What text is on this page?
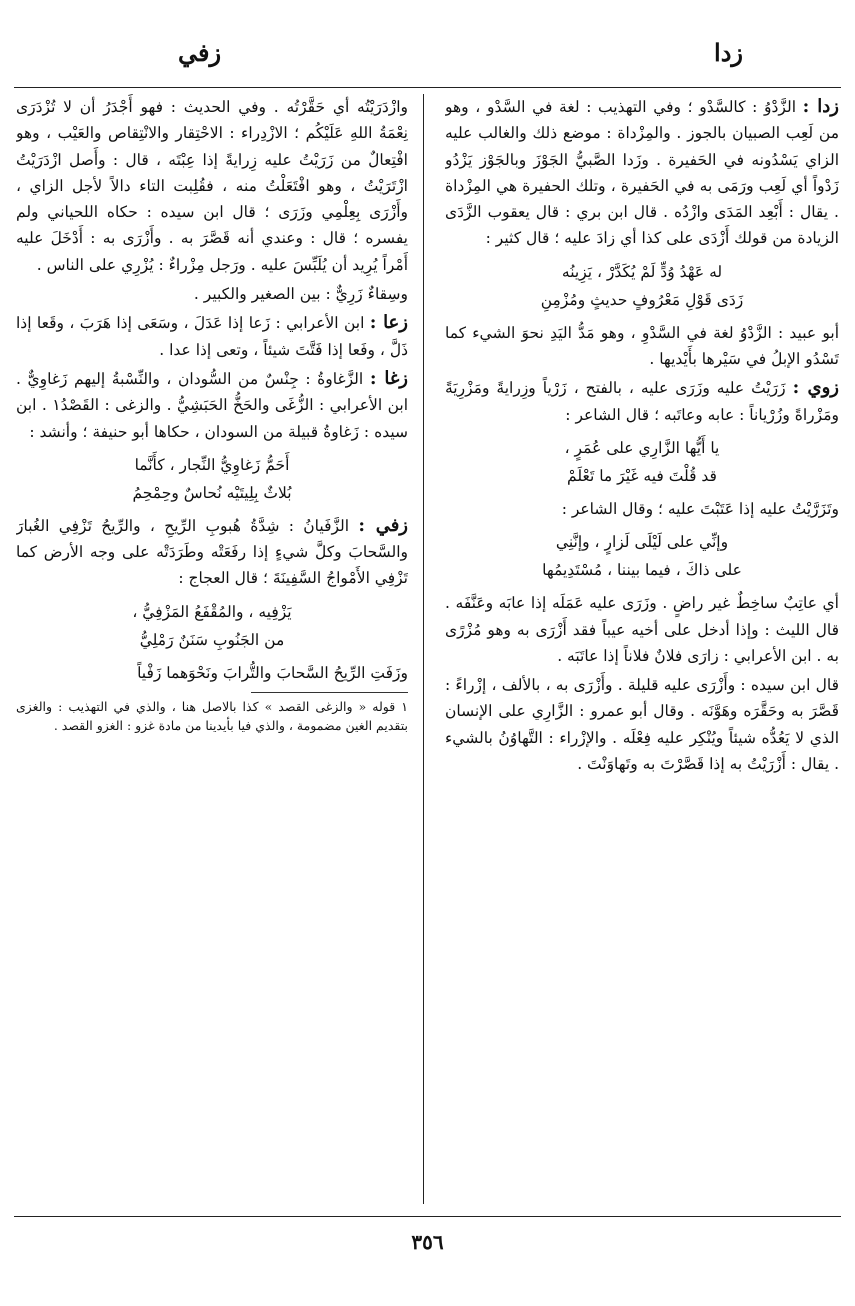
زدا
زفي

زدا : الزَّدْوُ : كالسَّدْو ؛ وفي التهذيب : لغة في السَّدْو ، وهو من لَعِب الصبيان بالجوز . والمِزْداة : موضع ذلك والغالب عليه الزاي يَسْدُونه في الحَفيرة . وزَدا الصَّبيُّ الجَوْزَ وبالجَوْز يَزْدُو زَدْواً أي لَعِب ورَمَى به في الحَفيرة ، وتلك الحفيرة هي المِزْداة . يقال : أَبْعِد المَدَى وازْدُه . قال ابن بري : قال يعقوب الزَّدَى الزيادة من قولك أَزْدَى على كذا أي زادَ عليه ؛ قال كثير :

له عَهْدُ وُدٍّ لَمْ يُكَدَّرْ ، يَزِينُه
زَدَى قَوْلِ مَعْرُوفٍ حديثٍ ومُزْمِنِ

أبو عبيد : الزَّدْوُ لغة في السَّدْوِ ، وهو مَدُّ اليَدِ نحوَ الشيء كما تَسْدُو الإبلُ في سَيْرها بأَيْديها .

زوي : زَرَيْتُ عليه وزَرَى عليه ، بالفتح ، زَرْياً وزِرايةً ومَزْرِيَةً ومَزْراةً وزُرْياناً : عابه وعاتَبه ؛ قال الشاعر :

يا أَيُّها الزَّارِي على عُمَرٍ ،
قد قُلْتَ فيه غَيْرَ ما تَعْلَمْ

وتَزَرَّيْتُ عليه إذا عَتَبْتَ عليه ؛ وقال الشاعر :

وإنِّي على لَيْلَى لَزارٍ ، وإنَّنِي
على ذاكَ ، فيما بيننا ، مُسْتَدِيمُها

أي عاتِبٌ ساخِطٌ غير راضٍ . وزَرَى عليه عَمَلَه إذا عابَه وعَنَّفَه . قال الليث : وإذا أدخل على أخيه عيباً فقد أَزْرَى به وهو مُزْرًى به . ابن الأعرابي : زارَى فلانٌ فلاناً إذا عاتَبَه .

قال ابن سيده : وأَزْرَى عليه قليلة . وأَزْرَى به ، بالألف ، إزْراءً : قَصَّرَ به وحَقَّرَه وهَوَّنَه . وقال أبو عمرو : الزَّارِي على الإنسان الذي لا يَعُدُّه شيئاً ويُنْكِر عليه فِعْلَه . والإزْراء : التَّهاوُنُ بالشيء . يقال : أَزْرَيْتُ به إذا قَصَّرْتَ به وتَهاوَنْتَ .

وازْدَرَيْتُه أي حَقَّرْتُه . وفي الحديث : فهو أَجْدَرُ أن لا تُزْدَرَى نِعْمَةُ اللهِ عَلَيْكُم ؛ الازْدِراء : الاحْتِقار والانْتِقاص والعَيْب ، وهو افْتِعالٌ من زَرَيْتُ عليه زِرايةً إذا عِبْتَه ، قال : وأَصل ازْدَرَيْتُ ازْتَرَيْتُ ، وهو افْتَعَلْتُ منه ، فقُلِبت التاء دالاً لأجل الزاي ، وأَزْرَى بِعِلْمِي وزَرَى ؛ قال ابن سيده : حكاه اللحياني ولم يفسره ؛ قال : وعندي أنه قَصَّرَ به . وأَزْرَى به : أَدْخَلَ عليه أَمْراً يُرِيد أن يُلَبِّسَ عليه . ورَجل مِزْراءٌ : يُزْرِي على الناس .

وسِقاءٌ زَرِيٌّ : بين الصغير والكبير .

زعا : ابن الأعرابي : زَعا إذا عَدَلَ ، وسَعَى إذا هَرَبَ ، وقَعا إذا ذَلَّ ، وفَعا إذا فَتَّتَ شيئاً ، وتعى إذا عدا .

زغا : الزَّغاوةُ : جِنْسٌ من السُّودان ، والنِّسْبةُ إليهم زَغاوِيٌّ . ابن الأعرابي : الزُّغَى والحَخُّ الحَبَشِيُّ . والزغى : القَصْدُ١ . ابن سيده : زَغاوةُ قبيلة من السودان ، حكاها أبو حنيفة ؛ وأنشد :

أَحَمُّ زَغاوِيُّ النِّجار ، كأَنَّما
بُلاثٌ بِلِيتَيْه نُحاسٌ وحِمْحِمُ

زفي : الزَّفَيانُ : شِدَّةُ هُبوبِ الرِّيحِ ، والرِّيحُ تَزْفِي الغُبارَ والسَّحابَ وكلَّ شيءٍ إذا رفَعَتْه وطَرَدَتْه على وجه الأرض كما تَزْفِي الأَمْواجُ السَّفِينَةَ ؛ قال العجاج :

يَزْفِيه ، والمُقْفَعُ المَزْفِيُّ ،
من الجَنُوبِ سَنَنٌ رَمْلِيُّ

وزَفَتِ الرِّيحُ السَّحابَ والتُّرابَ ونَحْوَهما زَفْياً

١ قوله « والزغى القصد » كذا بالاصل هنا ، والذي في التهذيب : والغزى بتقديم الغين مضمومة ، والذي فيا بأيدينا من مادة غزو : الغزو القصد .

٣٥٦
